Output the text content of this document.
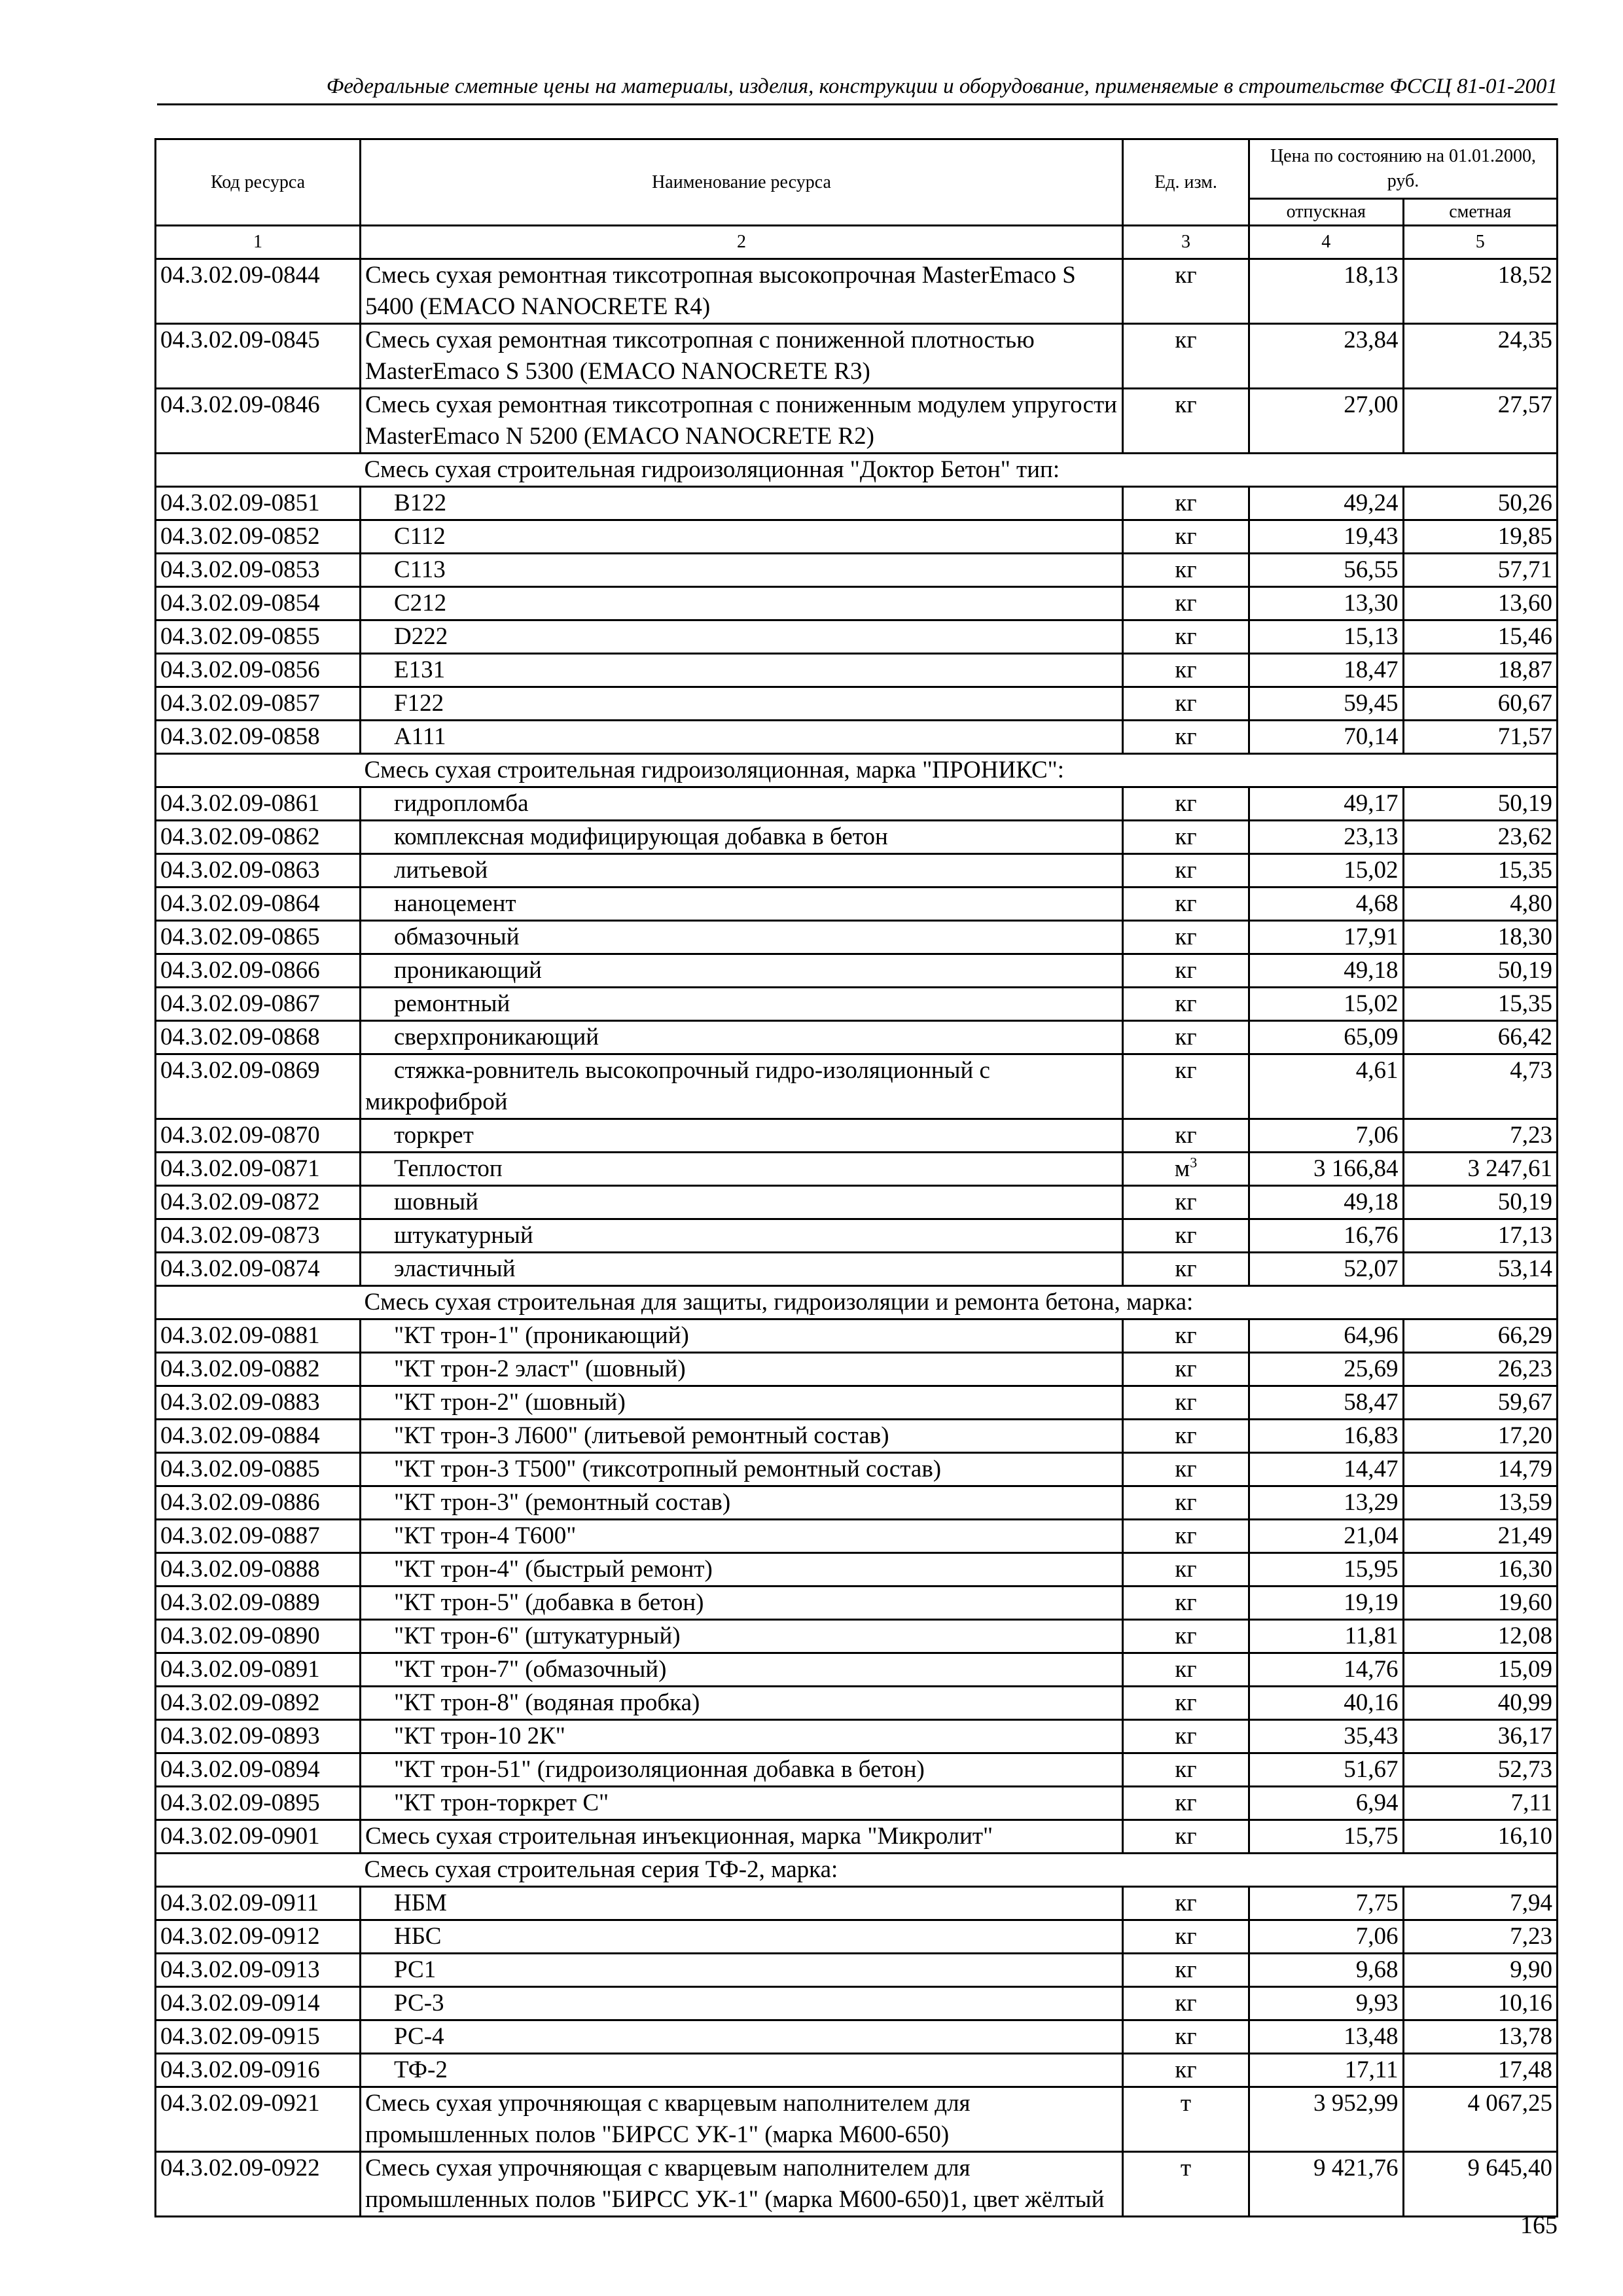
Федеральные сметные цены на материалы, изделия, конструкции и оборудование, применяемые в строительстве ФССЦ 81-01-2001
Код ресурса	Наименование ресурса	Ед. изм.	Цена по состоянию на 01.01.2000, руб.	
			отпускная	сметная
1	2	3	4	5
04.3.02.09-0844	Смесь сухая ремонтная тиксотропная высокопрочная MasterEmaco S 5400 (EMACO NANOCRETE R4)	кг	18,13	18,52
04.3.02.09-0845	Смесь сухая ремонтная тиксотропная с пониженной плотностью MasterEmaco S 5300 (EMACO NANOCRETE R3)	кг	23,84	24,35
04.3.02.09-0846	Смесь сухая ремонтная тиксотропная с пониженным модулем упругости MasterEmaco N 5200 (EMACO NANOCRETE R2)	кг	27,00	27,57
	Смесь сухая строительная гидроизоляционная "Доктор Бетон" тип:			
04.3.02.09-0851	B122	кг	49,24	50,26
04.3.02.09-0852	C112	кг	19,43	19,85
04.3.02.09-0853	C113	кг	56,55	57,71
04.3.02.09-0854	C212	кг	13,30	13,60
04.3.02.09-0855	D222	кг	15,13	15,46
04.3.02.09-0856	E131	кг	18,47	18,87
04.3.02.09-0857	F122	кг	59,45	60,67
04.3.02.09-0858	A111	кг	70,14	71,57
	Смесь сухая строительная гидроизоляционная, марка "ПРОНИКС":			
04.3.02.09-0861	гидропломба	кг	49,17	50,19
04.3.02.09-0862	комплексная модифицирующая добавка в бетон	кг	23,13	23,62
04.3.02.09-0863	литьевой	кг	15,02	15,35
04.3.02.09-0864	наноцемент	кг	4,68	4,80
04.3.02.09-0865	обмазочный	кг	17,91	18,30
04.3.02.09-0866	проникающий	кг	49,18	50,19
04.3.02.09-0867	ремонтный	кг	15,02	15,35
04.3.02.09-0868	сверхпроникающий	кг	65,09	66,42
04.3.02.09-0869	стяжка-ровнитель высокопрочный гидро-изоляционный с микрофиброй	кг	4,61	4,73
04.3.02.09-0870	торкрет	кг	7,06	7,23
04.3.02.09-0871	Теплостоп	$м^3$	3 166,84	3 247,61
04.3.02.09-0872	шовный	кг	49,18	50,19
04.3.02.09-0873	штукатурный	кг	16,76	17,13
04.3.02.09-0874	эластичный	кг	52,07	53,14
	Смесь сухая строительная для защиты, гидроизоляции и ремонта бетона, марка:			
04.3.02.09-0881	"КТ трон-1" (проникающий)	кг	64,96	66,29
04.3.02.09-0882	"КТ трон-2 эласт" (шовный)	кг	25,69	26,23
04.3.02.09-0883	"КТ трон-2" (шовный)	кг	58,47	59,67
04.3.02.09-0884	"КТ трон-3 Л600" (литьевой ремонтный состав)	кг	16,83	17,20
04.3.02.09-0885	"КТ трон-3 Т500" (тиксотропный ремонтный состав)	кг	14,47	14,79
04.3.02.09-0886	"КТ трон-3" (ремонтный состав)	кг	13,29	13,59
04.3.02.09-0887	"КТ трон-4 Т600"	кг	21,04	21,49
04.3.02.09-0888	"КТ трон-4" (быстрый ремонт)	кг	15,95	16,30
04.3.02.09-0889	"КТ трон-5" (добавка в бетон)	кг	19,19	19,60
04.3.02.09-0890	"КТ трон-6" (штукатурный)	кг	11,81	12,08
04.3.02.09-0891	"КТ трон-7" (обмазочный)	кг	14,76	15,09
04.3.02.09-0892	"КТ трон-8" (водяная пробка)	кг	40,16	40,99
04.3.02.09-0893	"КТ трон-10 2К"	кг	35,43	36,17
04.3.02.09-0894	"КТ трон-51" (гидроизоляционная добавка в бетон)	кг	51,67	52,73
04.3.02.09-0895	"КТ трон-торкрет С"	кг	6,94	7,11
04.3.02.09-0901	Смесь сухая строительная инъекционная, марка "Микролит"	кг	15,75	16,10
	Смесь сухая строительная серия ТФ-2, марка:			
04.3.02.09-0911	НБМ	кг	7,75	7,94
04.3.02.09-0912	НБС	кг	7,06	7,23
04.3.02.09-0913	РС1	кг	9,68	9,90
04.3.02.09-0914	РС-3	кг	9,93	10,16
04.3.02.09-0915	РС-4	кг	13,48	13,78
04.3.02.09-0916	ТФ-2	кг	17,11	17,48
04.3.02.09-0921	Смесь сухая упрочняющая с кварцевым наполнителем для промышленных полов "БИРСС УК-1" (марка М600-650)	т	3 952,99	4 067,25
04.3.02.09-0922	Смесь сухая упрочняющая с кварцевым наполнителем для промышленных полов "БИРСС УК-1" (марка М600-650)1, цвет жёлтый	т	9 421,76	9 645,40
165
